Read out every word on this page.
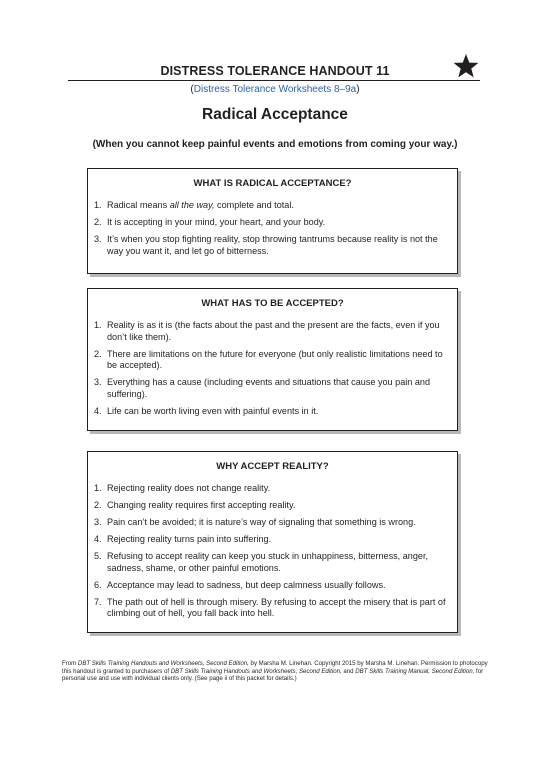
DISTRESS TOLERANCE HANDOUT 11
(Distress Tolerance Worksheets 8–9a)
Radical Acceptance
(When you cannot keep painful events and emotions from coming your way.)
WHAT IS RADICAL ACCEPTANCE?
1. Radical means all the way, complete and total.
2. It is accepting in your mind, your heart, and your body.
3. It’s when you stop fighting reality, stop throwing tantrums because reality is not the way you want it, and let go of bitterness.
WHAT HAS TO BE ACCEPTED?
1. Reality is as it is (the facts about the past and the present are the facts, even if you don’t like them).
2. There are limitations on the future for everyone (but only realistic limitations need to be accepted).
3. Everything has a cause (including events and situations that cause you pain and suffering).
4. Life can be worth living even with painful events in it.
WHY ACCEPT REALITY?
1. Rejecting reality does not change reality.
2. Changing reality requires first accepting reality.
3. Pain can’t be avoided; it is nature’s way of signaling that something is wrong.
4. Rejecting reality turns pain into suffering.
5. Refusing to accept reality can keep you stuck in unhappiness, bitterness, anger, sadness, shame, or other painful emotions.
6. Acceptance may lead to sadness, but deep calmness usually follows.
7. The path out of hell is through misery. By refusing to accept the misery that is part of climbing out of hell, you fall back into hell.
From DBT Skills Training Handouts and Worksheets, Second Edition, by Marsha M. Linehan. Copyright 2015 by Marsha M. Linehan. Permission to photocopy this handout is granted to purchasers of DBT Skills Training Handouts and Worksheets, Second Edition, and DBT Skills Training Manual, Second Edition, for personal use and use with individual clients only. (See page ii of this packet for details.)
